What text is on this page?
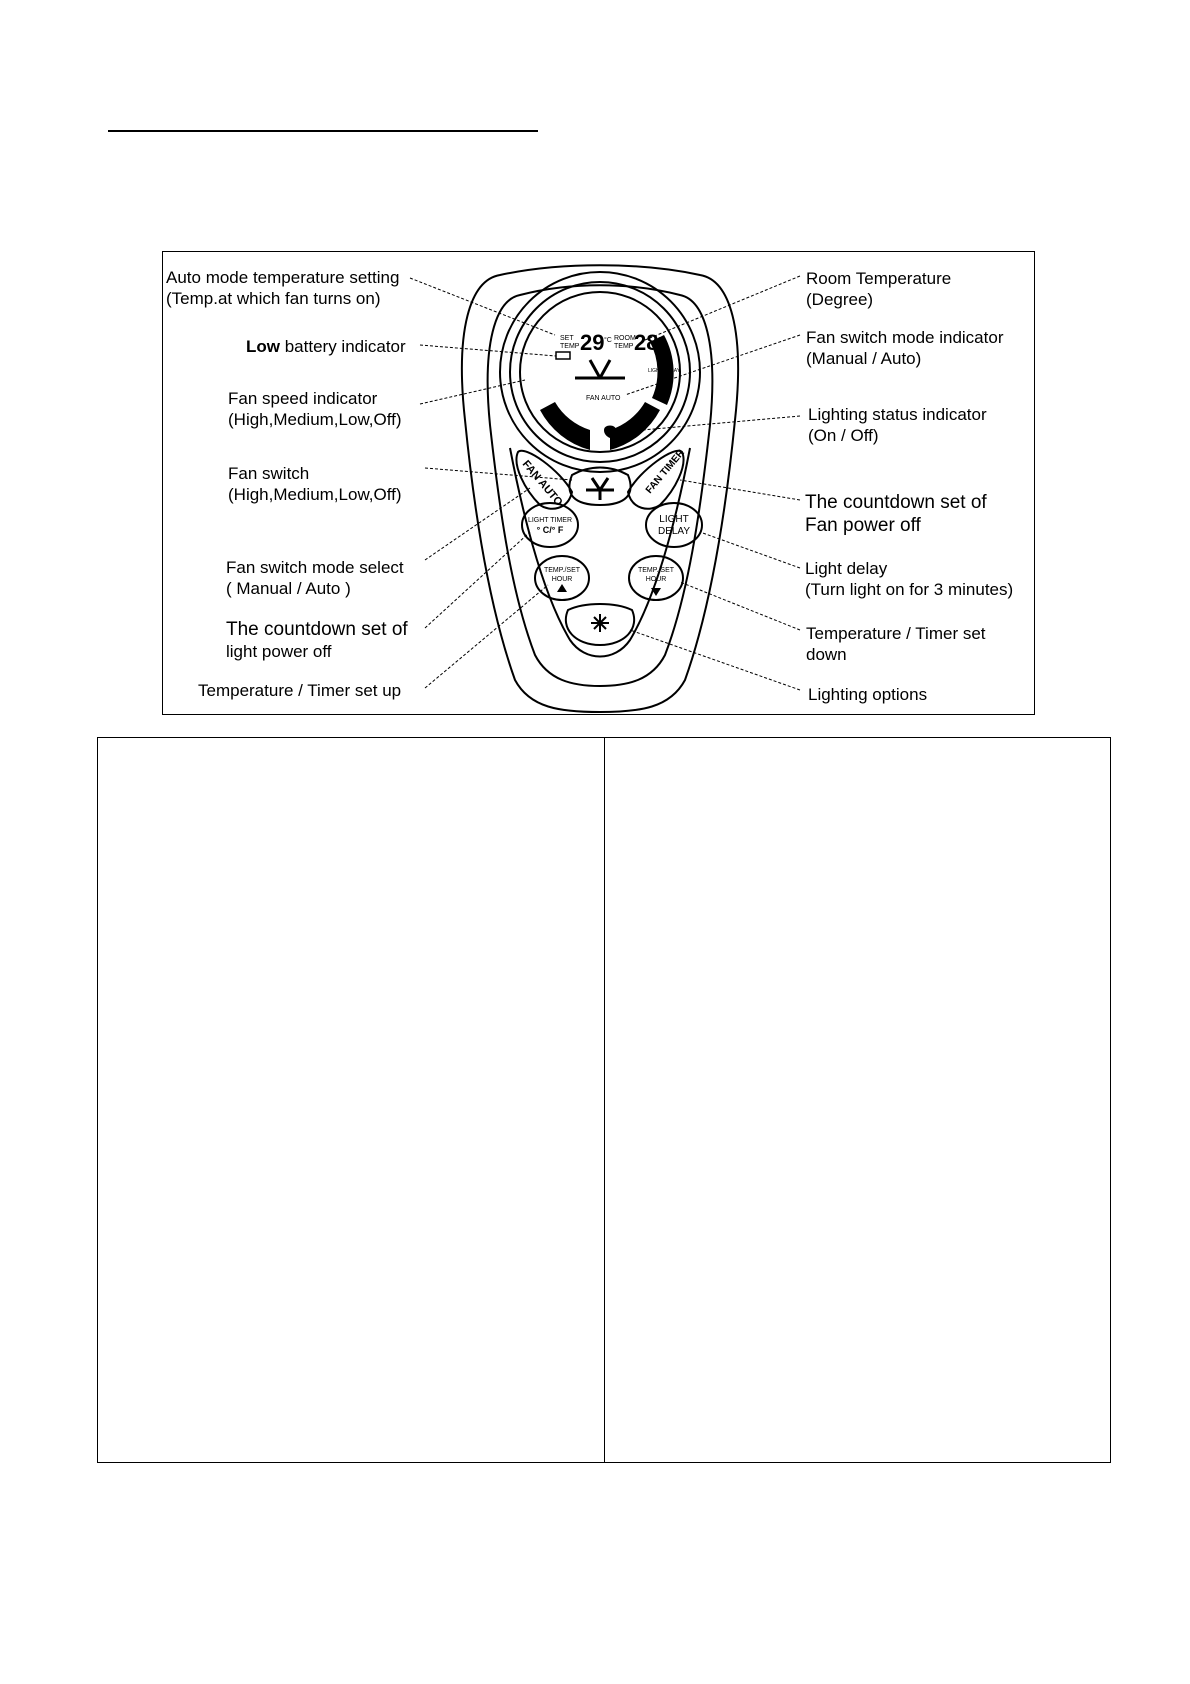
SET
TEMP 29 °C ROOM
TEMP 28 °C
FAN AUTO
LIGHT DELAY
FAN AUTO	FAN TIMER
LIGHT TIMER
° C/° F
LIGHT
DELAY
TEMP./SET
HOUR
TEMP./SET
HOUR
Auto mode temperature setting
(Temp.at which fan turns on)
Low battery indicator
Fan speed indicator
(High,Medium,Low,Off)
Fan switch
(High,Medium,Low,Off)
Fan switch mode select
( Manual / Auto )
The countdown set of
light power off
Temperature / Timer set up
Room Temperature
(Degree)
Fan switch mode indicator
(Manual / Auto)
Lighting status indicator
(On / Off)
The countdown set of
Fan power off
Light delay
(Turn light on for 3 minutes)
Temperature / Timer set
down
Lighting options
